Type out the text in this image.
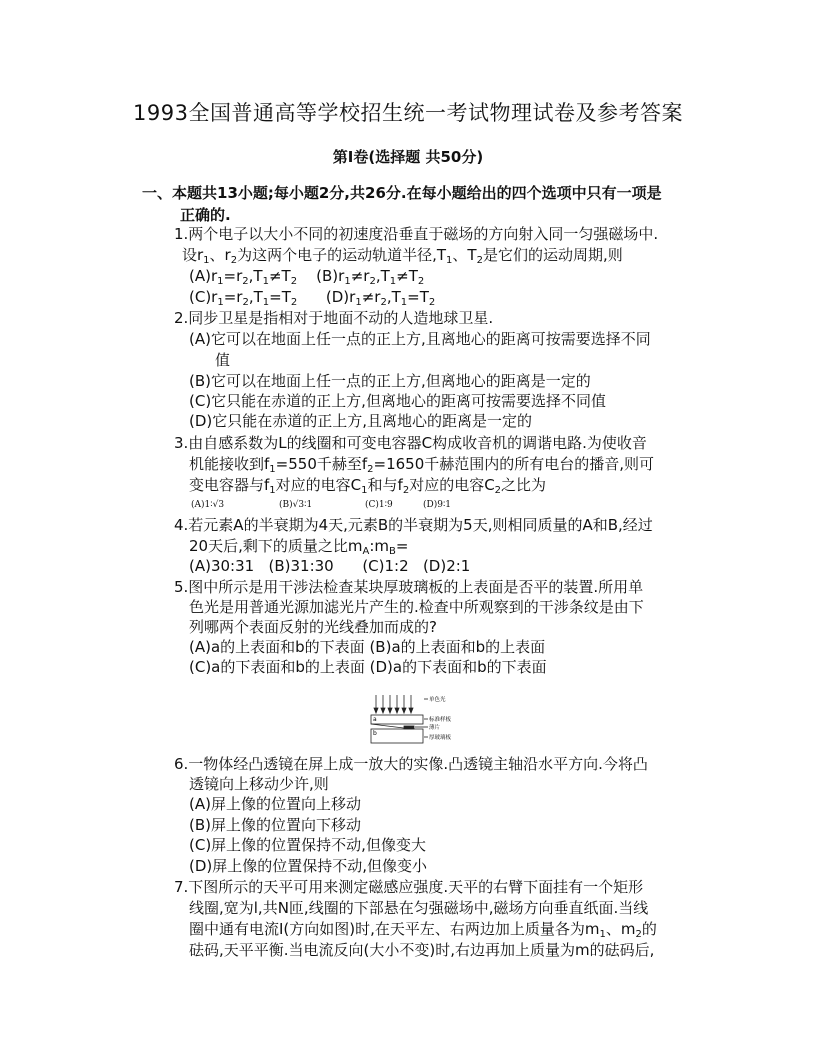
1993全国普通高等学校招生统一考试物理试卷及参考答案
第Ⅰ卷(选择题 共50分)
一、本题共13小题;每小题2分,共26分.在每小题给出的四个选项中只有一项是
正确的.
1.两个电子以大小不同的初速度沿垂直于磁场的方向射入同一匀强磁场中.
设$r_1$、$r_2$为这两个电子的运动轨道半径$,T_1$、$T_2$是它们的运动周期,则
$(A)r_1=r_2,T_1\ne T_2$ $(B)r_1\ne r_2,T_1\ne T_2$
$(C)r_1=r_2,T_1=T_2$ $(D)r_1\ne r_2,T_1=T_2$
2.同步卫星是指相对于地面不动的人造地球卫星.
(A)它可以在地面上任一点的正上方,且离地心的距离可按需要选择不同
值
(B)它可以在地面上任一点的正上方,但离地心的距离是一定的
(C)它只能在赤道的正上方,但离地心的距离可按需要选择不同值
(D)它只能在赤道的正上方,且离地心的距离是一定的
3.由自感系数为L的线圈和可变电容器C构成收音机的调谐电路.为使收音
机能接收到$f_1=550$千赫至$f_2=1650$千赫范围内的所有电台的播音,则可
变电容器与$f_1$对应的电容$C_1$和与$f_2$对应的电容$C_2$之比为
(A)1∶√3	(B)√3∶1	(C)1∶9	(D)9∶1
4.若元素A的半衰期为4天,元素B的半衰期为5天,则相同质量的A和B,经过
20天后,剩下的质量之比$m_A:m_B=$
(A)30:31   (B)31:30      (C)1:2   (D)2:1
5.图中所示是用干涉法检查某块厚玻璃板的上表面是否平的装置.所用单
色光是用普通光源加滤光片产生的.检查中所观察到的干涉条纹是由下
列哪两个表面反射的光线叠加而成的?
(A)a的上表面和b的下表面 (B)a的上表面和b的上表面
(C)a的下表面和b的上表面 (D)a的下表面和b的下表面
a
b
单色光
标准样板
薄片
厚玻璃板
6.一物体经凸透镜在屏上成一放大的实像.凸透镜主轴沿水平方向.今将凸
透镜向上移动少许,则
(A)屏上像的位置向上移动
(B)屏上像的位置向下移动
(C)屏上像的位置保持不动,但像变大
(D)屏上像的位置保持不动,但像变小
7.下图所示的天平可用来测定磁感应强度.天平的右臂下面挂有一个矩形
线圈,宽为l,共N匝,线圈的下部悬在匀强磁场中,磁场方向垂直纸面.当线
圈中通有电流I(方向如图)时,在天平左、右两边加上质量各为$m_1$、$m_2$的
砝码,天平平衡.当电流反向(大小不变)时,右边再加上质量为m的砝码后,
